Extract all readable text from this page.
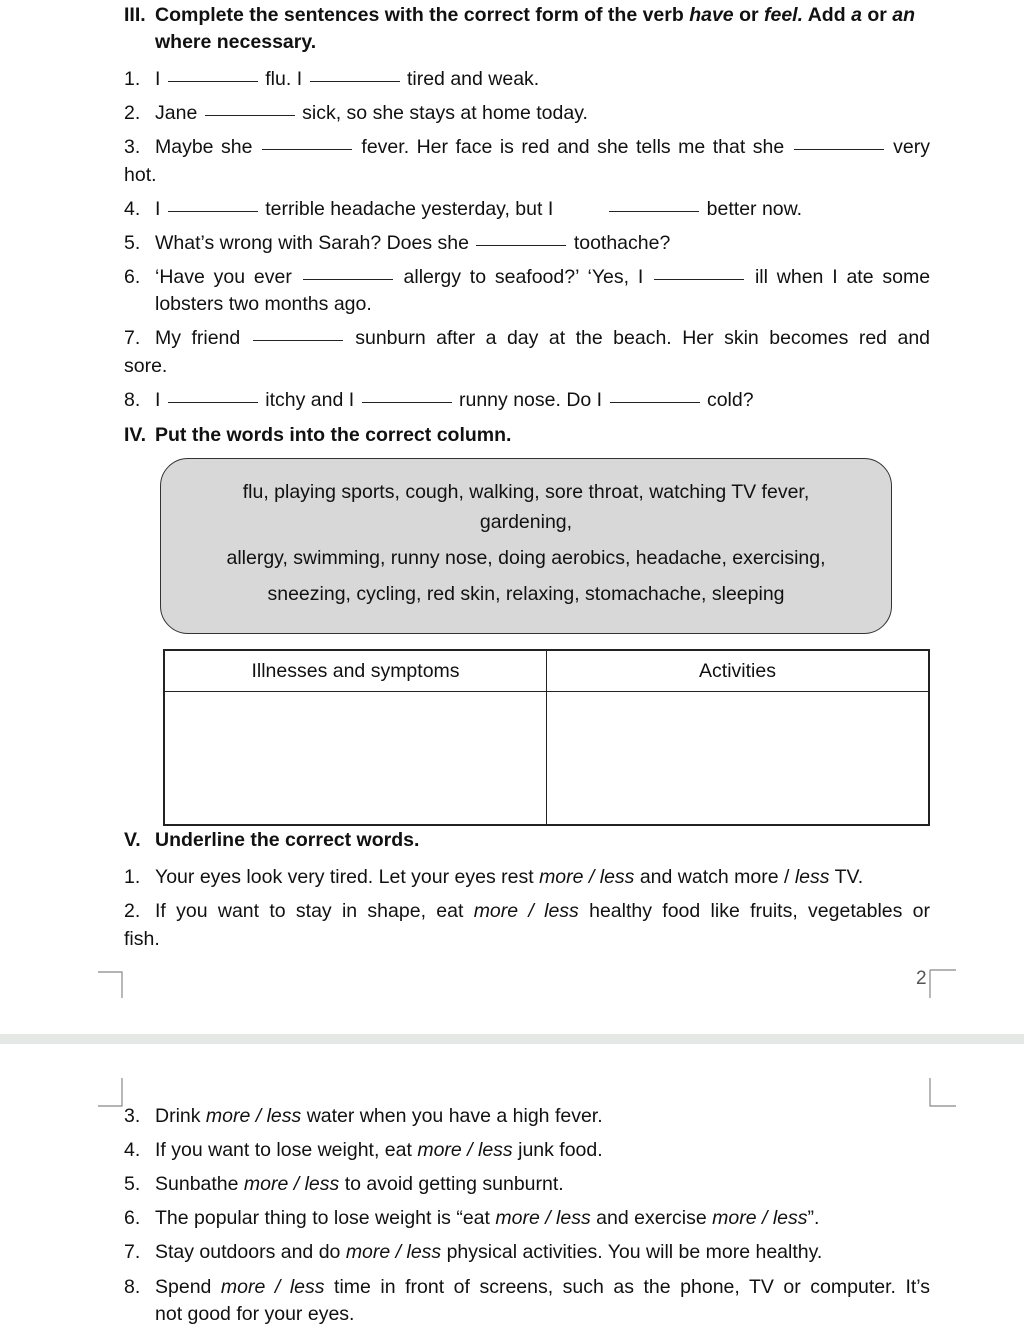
III. Complete the sentences with the correct form of the verb have or feel. Add a or an
where necessary.
1. I	flu. I	tired and weak.
2. Jane	sick, so she stays at home today.
3. Maybe she	fever. Her face is red and she tells me that she	very
hot.
4. I	terrible headache yesterday, but I	better now.
5. What’s wrong with Sarah? Does she	toothache?
6. ‘Have you ever	allergy to seafood?’ ‘Yes, I	ill when I ate some
lobsters two months ago.
7. My friend	sunburn after a day at the beach. Her skin becomes red and
sore.
8. I	itchy and I	runny nose. Do I	cold?
IV. Put the words into the correct column.
flu, playing sports, cough, walking, sore throat, watching TV fever,
gardening,
allergy, swimming, runny nose, doing aerobics, headache, exercising,
sneezing, cycling, red skin, relaxing, stomachache, sleeping
Illnesses and symptoms	Activities

V. Underline the correct words.
1. Your eyes look very tired. Let your eyes rest more / less and watch more / less TV.
2. If you want to stay in shape, eat more / less healthy food like fruits, vegetables or
fish.
2
3. Drink more / less water when you have a high fever.
4. If you want to lose weight, eat more / less junk food.
5. Sunbathe more / less to avoid getting sunburnt.
6. The popular thing to lose weight is “eat more / less and exercise more / less”.
7. Stay outdoors and do more / less physical activities. You will be more healthy.
8. Spend more / less time in front of screens, such as the phone, TV or computer. It’s
not good for your eyes.
